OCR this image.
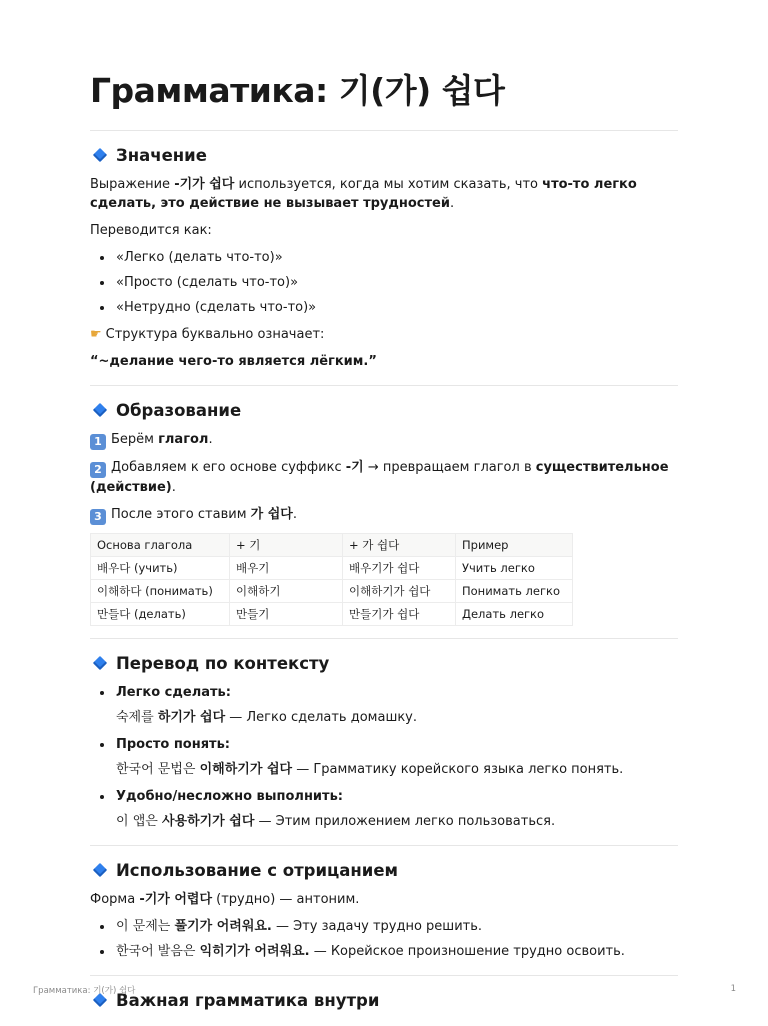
Грамматика: 기(가) 쉽다
Значение

Выражение -기가 쉽다 используется, когда мы хотим сказать, что что-то легко сделать, это действие не вызывает трудностей.

Переводится как:

«Легко (делать что-то)»
«Просто (сделать что-то)»
«Нетрудно (сделать что-то)»

☛ Структура буквально означает:

“~делание чего-то является лёгким.”

Образование

1 Берём глагол.

2 Добавляем к его основе суффикс -기 → превращаем глагол в существительное (действие).

3 После этого ставим 가 쉽다.

Основа глагола	+ 기	+ 가 쉽다	Пример
배우다 (учить)	배우기	배우기가 쉽다	Учить легко
이해하다 (понимать)	이해하기	이해하기가 쉽다	Понимать легко
만들다 (делать)	만들기	만들기가 쉽다	Делать легко
Перевод по контексту
Легко сделать:

숙제를 하기가 쉽다 — Легко сделать домашку.

Просто понять:

한국어 문법은 이해하기가 쉽다 — Грамматику корейского языка легко понять.

Удобно/несложно выполнить:

이 앱은 사용하기가 쉽다 — Этим приложением легко пользоваться.

Использование с отрицанием

Форма -기가 어렵다 (трудно) — антоним.

이 문제는 풀기가 어려워요. — Эту задачу трудно решить.
한국어 발음은 익히기가 어려워요. — Корейское произношение трудно освоить.
Важная грамматика внутри
Грамматика: 기(가) 쉽다	1
